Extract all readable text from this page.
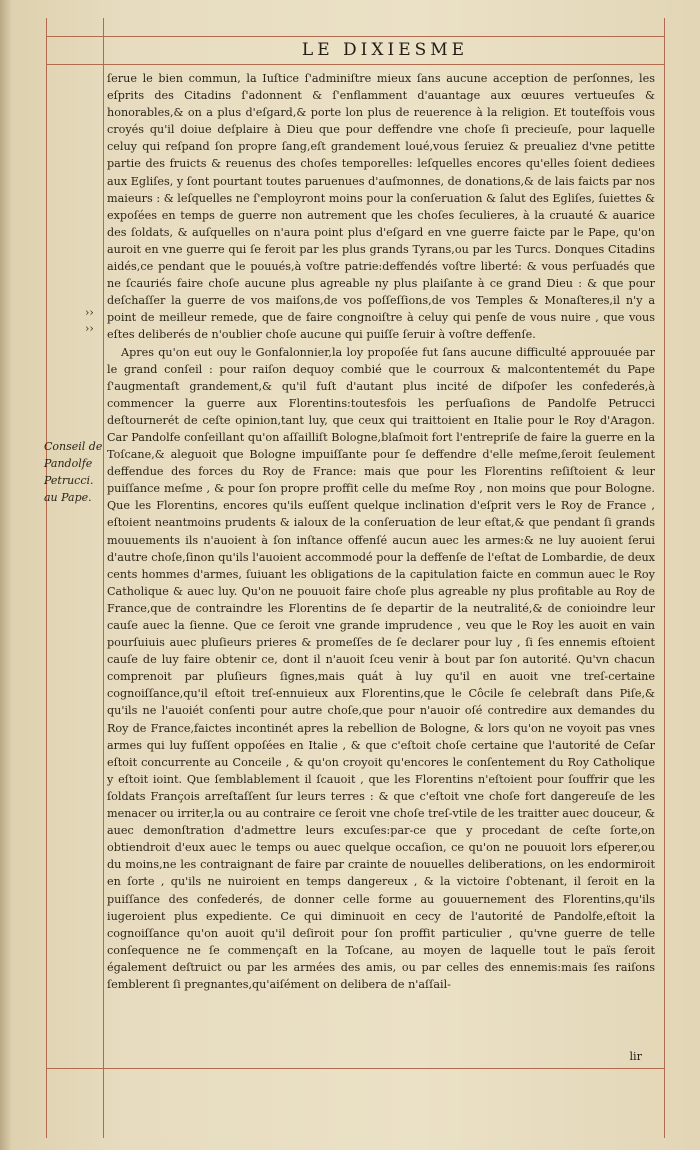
LE DIXIESME
››
››
Conseil de Pandolfe Petrucci. au Pape.

ſerue le bien commun, la Iuſtice ſ'adminiſtre mieux ſans aucune acception de perſonnes, les eſprits des Citadins ſ'adonnent & ſ'enflamment d'auantage aux œuures vertueuſes & honorables,& on a plus d'eſgard,& porte lon plus de reuerence à la religion. Et touteſfois vous croyés qu'il doiue deſplaire à Dieu que pour deffendre vne choſe ſi precieuſe, pour laquelle celuy qui reſpand ſon propre ſang,eſt grandement loué,vous ſeruiez & preualiez d'vne petitte partie des fruicts & reuenus des choſes temporelles: leſquelles encores qu'elles ſoient dediees aux Egliſes, y ſont pourtant toutes paruenues d'auſmonnes, de donations,& de lais faicts par nos maieurs : & leſquelles ne ſ'employront moins pour la conſeruation & ſalut des Egliſes, ſuiettes & expoſées en temps de guerre non autrement que les choſes ſeculieres, à la cruauté & auarice des ſoldats, & auſquelles on n'aura point plus d'eſgard en vne guerre faicte par le Pape, qu'on auroit en vne guerre qui ſe feroit par les plus grands Tyrans,ou par les Turcs. Donques Citadins aidés,ce pendant que le pouués,à voſtre patrie:deffendés voſtre liberté: & vous perſuadés que ne ſcauriés faire choſe aucune plus agreable ny plus plaiſante à ce grand Dieu : & que pour deſchaſſer la guerre de vos maiſons,de vos poſſeſſions,de vos Temples & Monaſteres,il n'y a point de meilleur remede, que de faire congnoiſtre à celuy qui penſe de vous nuire , que vous eſtes deliberés de n'oublier choſe aucune qui puiſſe ſeruir à voſtre deffenſe.

Apres qu'on eut ouy le Gonfalonnier,la loy propoſée fut ſans aucune difficulté approuuée par le grand conſeil : pour raiſon dequoy combié que le courroux & malcontentemét du Pape ſ'augmentaſt grandement,& qu'il fuſt d'autant plus incité de diſpoſer les confederés,à commencer la guerre aux Florentins:toutesfois les perſuaſions de Pandolfe Petrucci deſtournerét de ceſte opinion,tant luy, que ceux qui traittoient en Italie pour le Roy d'Aragon. Car Pandolfe conſeillant qu'on aſſailliſt Bologne,blaſmoit fort l'entrepriſe de faire la guerre en la Toſcane,& aleguoit que Bologne impuiſſante pour ſe deffendre d'elle meſme,ſeroit ſeulement deffendue des forces du Roy de France: mais que pour les Florentins reſiſtoient & leur puiſſance meſme , & pour ſon propre proffit celle du meſme Roy , non moins que pour Bologne. Que les Florentins, encores qu'ils euſſent quelque inclination d'eſprit vers le Roy de France , eſtoient neantmoins prudents & ialoux de la conſeruation de leur eſtat,& que pendant ſi grands mouuements ils n'auoient à ſon inſtance offenſé aucun auec les armes:& ne luy auoient ſerui d'autre choſe,ſinon qu'ils l'auoient accommodé pour la deffenſe de l'eſtat de Lombardie, de deux cents hommes d'armes, ſuiuant les obligations de la capitulation faicte en commun auec le Roy Catholique & auec luy. Qu'on ne pouuoit faire choſe plus agreable ny plus profitable au Roy de France,que de contraindre les Florentins de ſe departir de la neutralité,& de conioindre leur cauſe auec la ſienne. Que ce ſeroit vne grande imprudence , veu que le Roy les auoit en vain pourſuiuis auec pluſieurs prieres & promeſſes de ſe declarer pour luy , ſi ſes ennemis eſtoient cauſe de luy faire obtenir ce, dont il n'auoit ſceu venir à bout par ſon autorité. Qu'vn chacun comprenoit par pluſieurs ſignes,mais quát à luy qu'il en auoit vne treſ-certaine cognoiſſance,qu'il eſtoit treſ-ennuieux aux Florentins,que le Côcile ſe celebraſt dans Piſe,& qu'ils ne l'auoiét conſenti pour autre choſe,que pour n'auoir oſé contredire aux demandes du Roy de France,faictes incontinét apres la rebellion de Bologne, & lors qu'on ne voyoit pas vnes armes qui luy fuſſent oppoſées en Italie , & que c'eſtoit choſe certaine que l'autorité de Ceſar eſtoit concurrente au Conceile , & qu'on croyoit qu'encores le conſentement du Roy Catholique y eſtoit ioint. Que ſemblablement il ſcauoit , que les Florentins n'eſtoient pour ſouffrir que les ſoldats François arreſtaſſent ſur leurs terres : & que c'eſtoit vne choſe fort dangereuſe de les menacer ou irriter,la ou au contraire ce ſeroit vne choſe treſ-vtile de les traitter auec douceur, & auec demonſtration d'admettre leurs excuſes:par-ce que y procedant de ceſte ſorte,on obtiendroit d'eux auec le temps ou auec quelque occaſion, ce qu'on ne pouuoit lors eſperer,ou du moins,ne les contraignant de faire par crainte de nouuelles deliberations, on les endormiroit en ſorte , qu'ils ne nuiroient en temps dangereux , & la victoire ſ'obtenant, il ſeroit en la puiſſance des confederés, de donner celle forme au gouuernement des Florentins,qu'ils iugeroient plus expediente. Ce qui diminuoit en cecy de l'autorité de Pandolfe,eſtoit la cognoiſſance qu'on auoit qu'il deſiroit pour ſon proffit particulier , qu'vne guerre de telle conſequence ne ſe commençaſt en la Toſcane, au moyen de laquelle tout le païs ſeroit également deſtruict ou par les armées des amis, ou par celles des ennemis:mais ſes raiſons ſemblerent ſi pregnantes,qu'aiſément on delibera de n'aſſail-

lir
